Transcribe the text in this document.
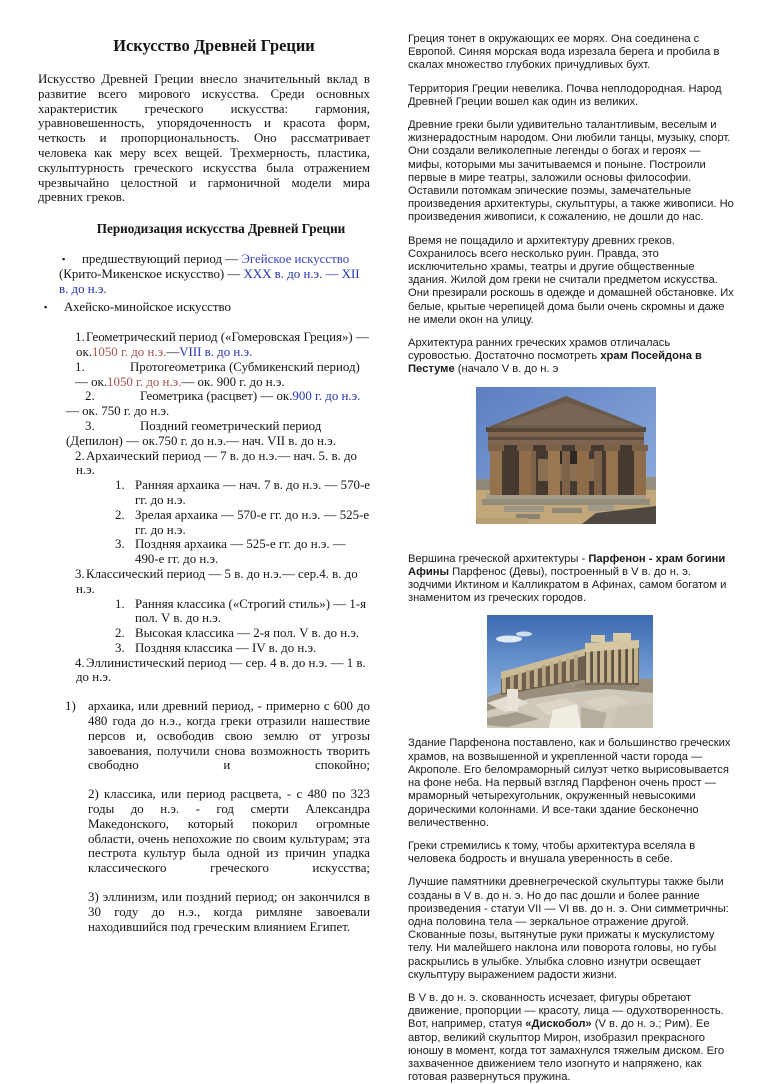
Искусство Древней Греции
Искусство Древней Греции внесло значительный вклад в развитие всего мирового искусства. Среди основных характеристик греческого искусства: гармония, уравновешенность, упорядоченность и красота форм, четкость и пропорциональность. Оно рассматривает человека как меру всех вещей. Трехмерность, пластика, скульптурность греческого искусства была отражением чрезвычайно целостной и гармоничной модели мира древних греков.
Периодизация искусства Древней Греции
▪ предшествующий период — Эгейское искусство (Крито-Микенское искусство) — XXX в. до н.э. — XII в. до н.э.
▪ Ахейско-минойское искусство
1. Геометрический период («Гомеровская Греция») — ок.1050 г. до н.э.—VIII в. до н.э.
1.	Протогеометрика (Субмикенский период) — ок.1050 г. до н.э.— ок. 900 г. до н.э.
2.	Геометрика (расцвет) — ок.900 г. до н.э.— ок. 750 г. до н.э.
3.	Поздний геометрический период (Депилон) — ок.750 г. до н.э.— нач. VII в. до н.э.
2. Архаический период — 7 в. до н.э.— нач. 5. в. до н.э.
1. Ранняя архаика — нач. 7 в. до н.э. — 570-е гг. до н.э.
2. Зрелая архаика — 570-е гг. до н.э. — 525-е гг. до н.э.
3. Поздняя архаика — 525-е гг. до н.э. — 490-е гг. до н.э.
3. Классический период — 5 в. до н.э.— сер.4. в. до н.э.
1. Ранняя классика («Строгий стиль») — 1-я пол. V в. до н.э.
2. Высокая классика — 2-я пол. V в. до н.э.
3. Поздняя классика — IV в. до н.э.
4. Эллинистический период — сер. 4 в. до н.э. — 1 в. до н.э.
1) архаика, или древний период, - примерно с 600 до 480 года до н.э., когда греки отразили нашествие персов и, освободив свою землю от угрозы завоевания, получили снова возможность творить свободно и спокойно;
2) классика, или период расцвета, - с 480 по 323 годы до н.э. - год смерти Александра Македонского, который покорил огромные области, очень непохожие по своим культурам; эта пестрота культур была одной из причин упадка классического греческого искусства;
3) эллинизм, или поздний период; он закончился в 30 году до н.э., когда римляне завоевали находившийся под греческим влиянием Египет.
Греция тонет в окружающих ее морях. Она соединена с Европой. Синяя морская вода изрезала берега и пробила в скалах множество глубоких причудливых бухт.
Территория Греции невелика. Почва неплодородная. Народ Древней Греции вошел как один из великих.
Древние греки были удивительно талантливым, веселым и жизнерадостным народом. Они любили танцы, музыку, спорт. Они создали великолепные легенды о богах и героях — мифы, которыми мы зачитываемся и поныне. Построили первые в мире театры, заложили основы философии. Оставили потомкам эпические поэмы, замечательные произведения архитектуры, скульптуры, а также живописи. Но произведения живописи, к сожалению, не дошли до нас.
Время не пощадило и архитектуру древних греков. Сохранилось всего несколько руин. Правда, это исключительно храмы, театры и другие общественные здания. Жилой дом греки не считали предметом искусства. Они презирали роскошь в одежде и домашней обстановке. Их белые, крытые черепицей дома были очень скромны и даже не имели окон на улицу.
Архитектура ранних греческих храмов отличалась суровостью. Достаточно посмотреть храм Посейдона в Пестуме (начало V в. до н. э
Вершина греческой архитектуры - Парфенон - храм богини Афины Парфенос (Девы), построенный в V в. до н. э. зодчими Иктином и Калликратом в Афинах, самом богатом и знаменитом из греческих городов.
Здание Парфенона поставлено, как и большинство греческих храмов, на возвышенной и укрепленной части города — Акрополе. Его беломраморный силуэт четко вырисовывается на фоне неба. На первый взгляд Парфенон очень прост — мраморный четырехугольник, окруженный невысокими дорическими колоннами. И все-таки здание бесконечно величественно.
Греки стремились к тому, чтобы архитектура вселяла в человека бодрость и внушала уверенность в себе.
Лучшие памятники древнегреческой скульптуры также были созданы в V в. до н. э. Но до пас дошли и более ранние произведения - статуи VII — VI вв. до н. э. Они симметричны: одна половина тела — зеркальное отражение другой. Скованные позы, вытянутые руки прижаты к мускулистому телу. Ни малейшего наклона или поворота головы, но губы раскрылись в улыбке. Улыбка словно изнутри освещает скульптуру выражением радости жизни.
В V в. до н. э. скованность исчезает, фигуры обретают движение, пропорции — красоту, лица — одухотворенность. Вот, например, статуя «Дискобол» (V в. до н. э.; Рим). Ее автор, великий скульптор Мирон, изобразил прекрасного юношу в момент, когда тот замахнулся тяжелым диском. Его захваченное движением тело изогнуто и напряжено, как готовая развернуться пружина.
